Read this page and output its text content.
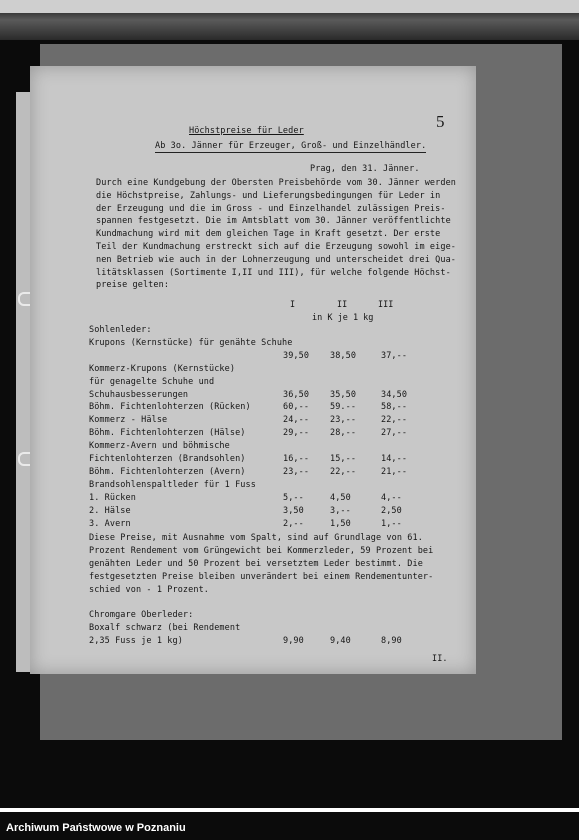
5
Höchstpreise für Leder
Ab 3o. Jänner für Erzeuger, Groß- und Einzelhändler.
Prag, den 31. Jänner.
Durch eine Kundgebung der Obersten Preisbehörde vom 30. Jänner werden
die Höchstpreise, Zahlungs- und Lieferungsbedingungen für Leder in
der Erzeugung und die im Gross - und Einzelhandel zulässigen Preis-
spannen festgesetzt. Die im Amtsblatt vom 30. Jänner veröffentlichte
Kundmachung wird mit dem gleichen Tage in Kraft gesetzt. Der erste
Teil der Kundmachung erstreckt sich auf die Erzeugung sowohl im eige-
nen Betrieb wie auch in der Lohnerzeugung und unterscheidet drei Qua-
litätsklassen (Sortimente I,II und III), für welche folgende Höchst-
preise gelten:
I	II	III
in K je 1 kg
Sohlenleder:
Krupons (Kernstücke) für genähte Schuhe
39,50 38,50	37,--
Kommerz-Krupons (Kernstücke)
für genagelte Schuhe und
Schuhausbesserungen	36,50 35,50	34,50
Böhm. Fichtenlohterzen (Rücken)	60,-- 59.--	58,--
Kommerz - Hälse	24,-- 23,--	22,--
Böhm. Fichtenlohterzen (Hälse)	29,-- 28,--	27,--
Kommerz-Avern und böhmische
Fichtenlohterzen (Brandsohlen)	16,-- 15,--	14,--
Böhm. Fichtenlohterzen (Avern)	23,-- 22,--	21,--
Brandsohlenspaltleder für 1 Fuss
1. Rücken	5,--	4,50	4,--
2. Hälse	3,50	3,--	2,50
3. Avern	2,--	1,50	1,--
Diese Preise, mit Ausnahme vom Spalt, sind auf Grundlage von 61.
Prozent Rendement vom Grüngewicht bei Kommerzleder, 59 Prozent bei
genähten Leder und 50 Prozent bei versetztem Leder bestimmt. Die
festgesetzten Preise bleiben unverändert bei einem Rendementunter-
schied von - 1 Prozent.
Chromgare Oberleder:
Boxalf schwarz (bei Rendement
2,35 Fuss je 1 kg)	9,90	9,40	8,90
II.
Archiwum Państwowe w Poznaniu
